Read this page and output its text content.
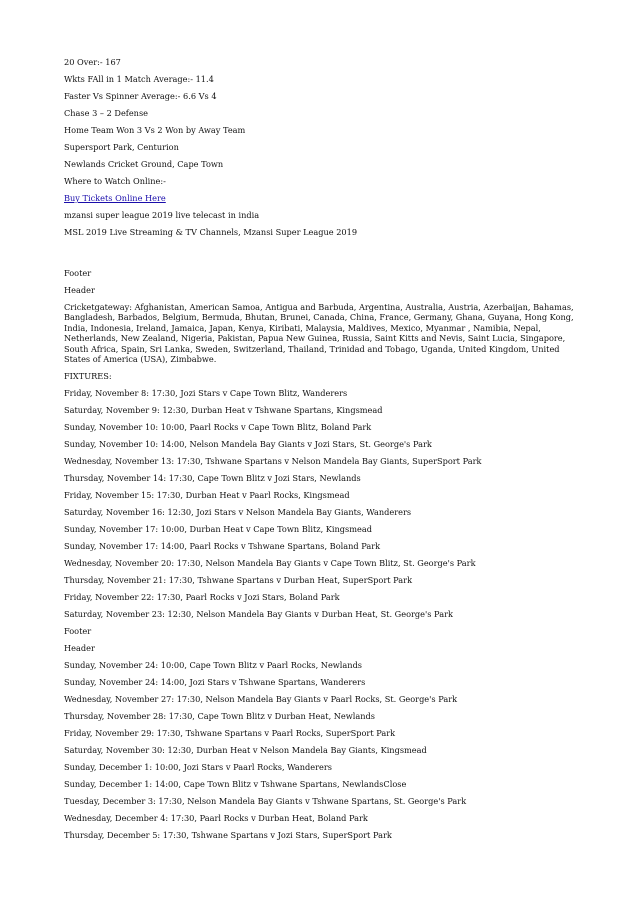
20 Over:- 167
Wkts FAll in 1 Match Average:- 11.4
Faster Vs Spinner Average:- 6.6 Vs 4
Chase 3 – 2 Defense
Home Team Won 3 Vs 2 Won by Away Team
Supersport Park, Centurion
Newlands Cricket Ground, Cape Town
Where to Watch Online:-
Buy Tickets Online Here
mzansi super league 2019 live telecast in india
MSL 2019 Live Streaming & TV Channels, Mzansi Super League 2019
Footer
Header
Cricketgateway: Afghanistan, American Samoa, Antigua and Barbuda, Argentina, Australia, Austria, Azerbaijan, Bahamas, Bangladesh, Barbados, Belgium, Bermuda, Bhutan, Brunei, Canada, China, France, Germany, Ghana, Guyana, Hong Kong, India, Indonesia, Ireland, Jamaica, Japan, Kenya, Kiribati, Malaysia, Maldives, Mexico, Myanmar , Namibia, Nepal, Netherlands, New Zealand, Nigeria, Pakistan, Papua New Guinea, Russia, Saint Kitts and Nevis, Saint Lucia, Singapore, South Africa, Spain, Sri Lanka, Sweden, Switzerland, Thailand, Trinidad and Tobago, Uganda, United Kingdom, United States of America (USA), Zimbabwe.
FIXTURES:
Friday, November 8: 17:30, Jozi Stars v Cape Town Blitz, Wanderers
Saturday, November 9: 12:30, Durban Heat v Tshwane Spartans, Kingsmead
Sunday, November 10: 10:00, Paarl Rocks v Cape Town Blitz, Boland Park
Sunday, November 10: 14:00, Nelson Mandela Bay Giants v Jozi Stars, St. George's Park
Wednesday, November 13: 17:30, Tshwane Spartans v Nelson Mandela Bay Giants, SuperSport Park
Thursday, November 14: 17:30, Cape Town Blitz v Jozi Stars, Newlands
Friday, November 15: 17:30, Durban Heat v Paarl Rocks, Kingsmead
Saturday, November 16: 12:30, Jozi Stars v Nelson Mandela Bay Giants, Wanderers
Sunday, November 17: 10:00, Durban Heat v Cape Town Blitz, Kingsmead
Sunday, November 17: 14:00, Paarl Rocks v Tshwane Spartans, Boland Park
Wednesday, November 20: 17:30, Nelson Mandela Bay Giants v Cape Town Blitz, St. George's Park
Thursday, November 21: 17:30, Tshwane Spartans v Durban Heat, SuperSport Park
Friday, November 22: 17:30, Paarl Rocks v Jozi Stars, Boland Park
Saturday, November 23: 12:30, Nelson Mandela Bay Giants v Durban Heat, St. George's Park
Footer
Header
Sunday, November 24: 10:00, Cape Town Blitz v Paarl Rocks, Newlands
Sunday, November 24: 14:00, Jozi Stars v Tshwane Spartans, Wanderers
Wednesday, November 27: 17:30, Nelson Mandela Bay Giants v Paarl Rocks, St. George's Park
Thursday, November 28: 17:30, Cape Town Blitz v Durban Heat, Newlands
Friday, November 29: 17:30, Tshwane Spartans v Paarl Rocks, SuperSport Park
Saturday, November 30: 12:30, Durban Heat v Nelson Mandela Bay Giants, Kingsmead
Sunday, December 1: 10:00, Jozi Stars v Paarl Rocks, Wanderers
Sunday, December 1: 14:00, Cape Town Blitz v Tshwane Spartans, NewlandsClose
Tuesday, December 3: 17:30, Nelson Mandela Bay Giants v Tshwane Spartans, St. George's Park
Wednesday, December 4: 17:30, Paarl Rocks v Durban Heat, Boland Park
Thursday, December 5: 17:30, Tshwane Spartans v Jozi Stars, SuperSport Park
